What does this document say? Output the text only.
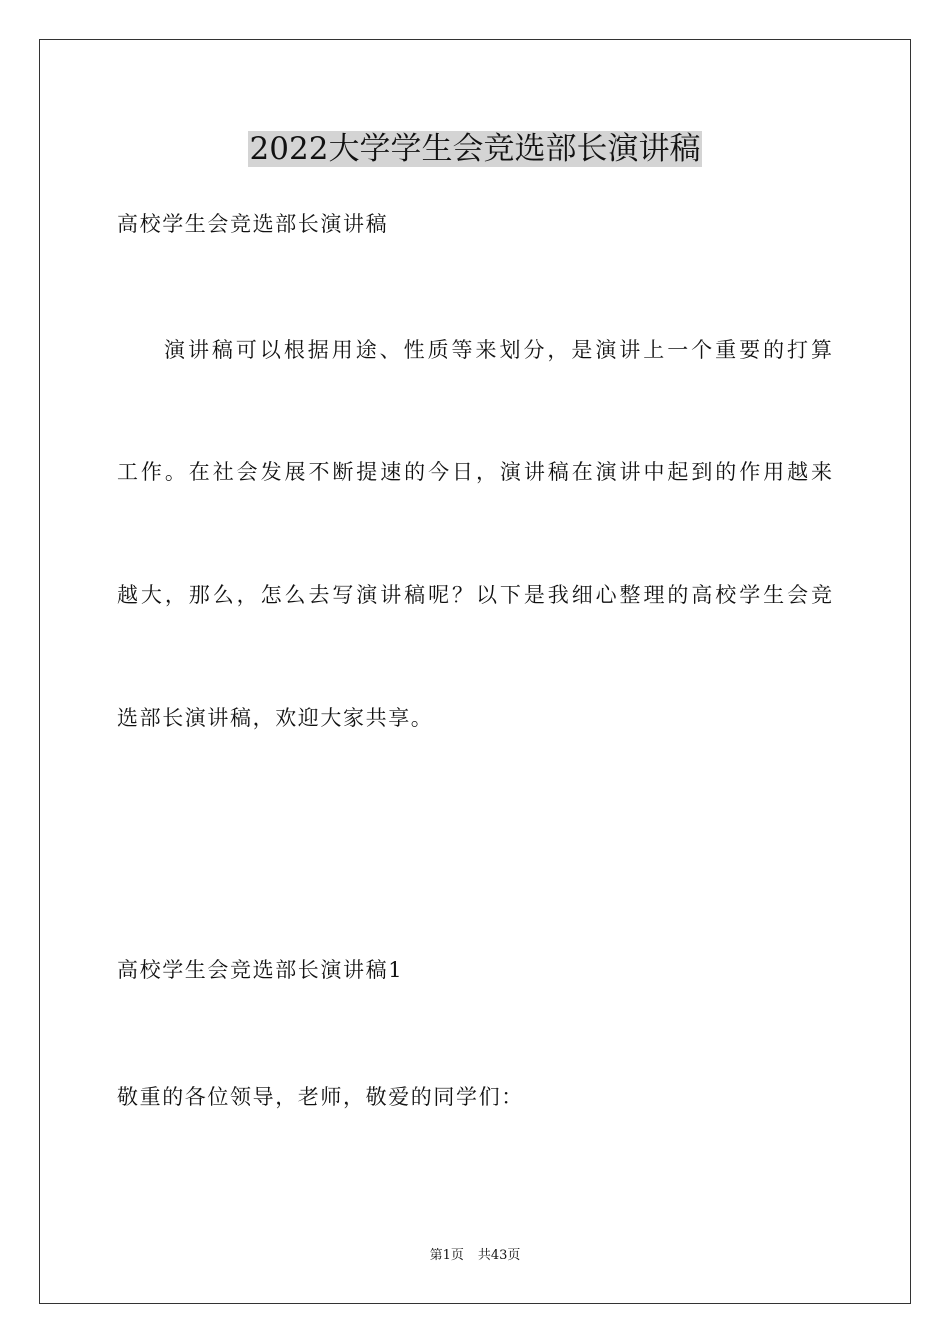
2022大学学生会竞选部长演讲稿
高校学生会竞选部长演讲稿
演讲稿可以根据用途、性质等来划分，是演讲上一个重要的打算
工作。在社会发展不断提速的今日，演讲稿在演讲中起到的作用越来
越大，那么，怎么去写演讲稿呢？以下是我细心整理的高校学生会竞
选部长演讲稿，欢迎大家共享。
高校学生会竞选部长演讲稿1
敬重的各位领导，老师，敬爱的同学们：
第1页 共43页
